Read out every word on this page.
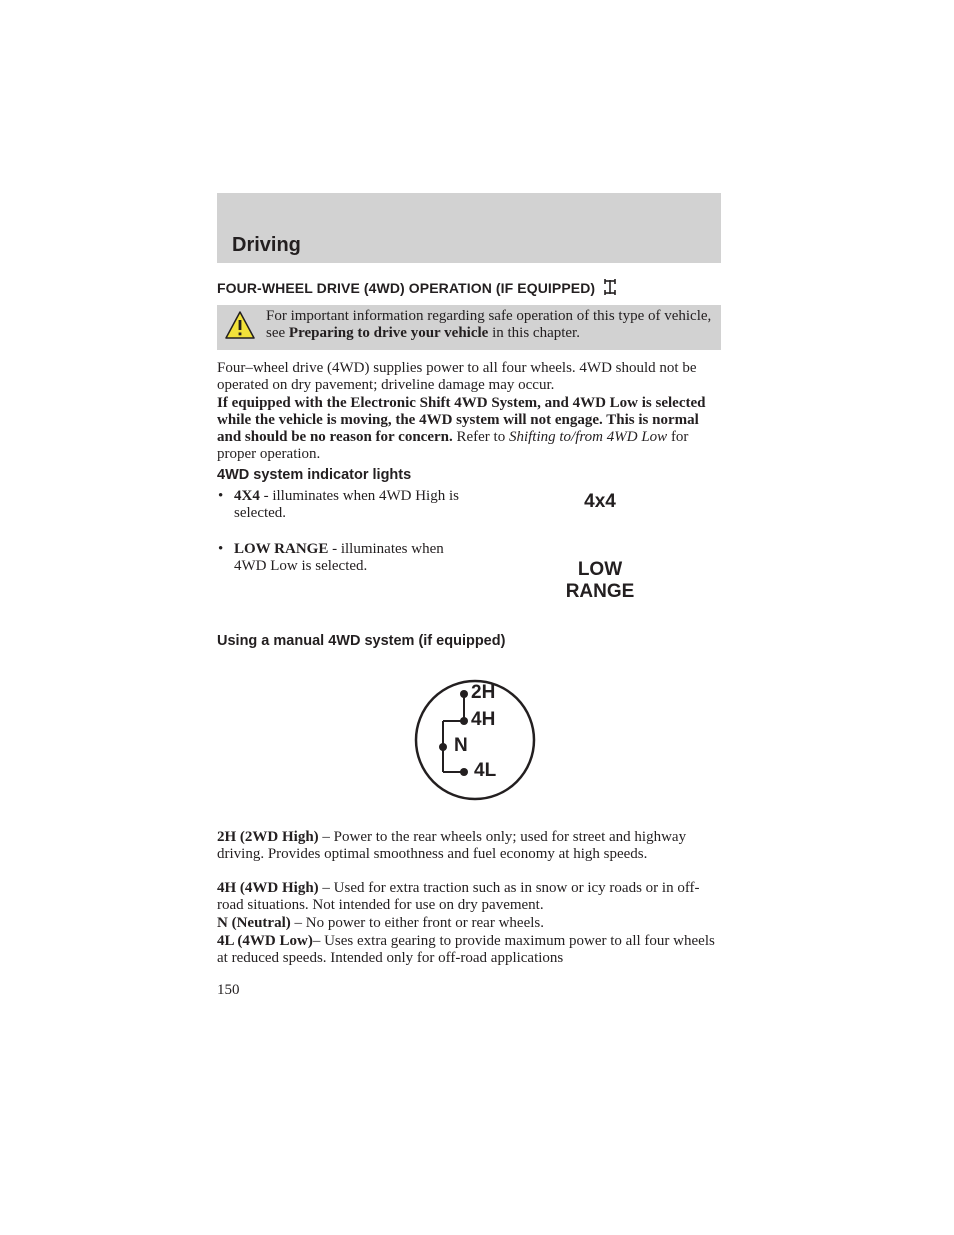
Driving
FOUR-WHEEL DRIVE (4WD) OPERATION (IF EQUIPPED)
For important information regarding safe operation of this type of vehicle, see Preparing to drive your vehicle in this chapter.
Four–wheel drive (4WD) supplies power to all four wheels. 4WD should not be operated on dry pavement; driveline damage may occur.
If equipped with the Electronic Shift 4WD System, and 4WD Low is selected while the vehicle is moving, the 4WD system will not engage. This is normal and should be no reason for concern. Refer to Shifting to/from 4WD Low for proper operation.
4WD system indicator lights
• 4X4 - illuminates when 4WD High is selected.
4x4
• LOW RANGE - illuminates when 4WD Low is selected.	LOW
RANGE
Using a manual 4WD system (if equipped)
2H
4H
N
4L
2H (2WD High) – Power to the rear wheels only; used for street and highway driving. Provides optimal smoothness and fuel economy at high speeds.
4H (4WD High) – Used for extra traction such as in snow or icy roads or in off-road situations. Not intended for use on dry pavement.
N (Neutral) – No power to either front or rear wheels.
4L (4WD Low)– Uses extra gearing to provide maximum power to all four wheels at reduced speeds. Intended only for off-road applications
150
